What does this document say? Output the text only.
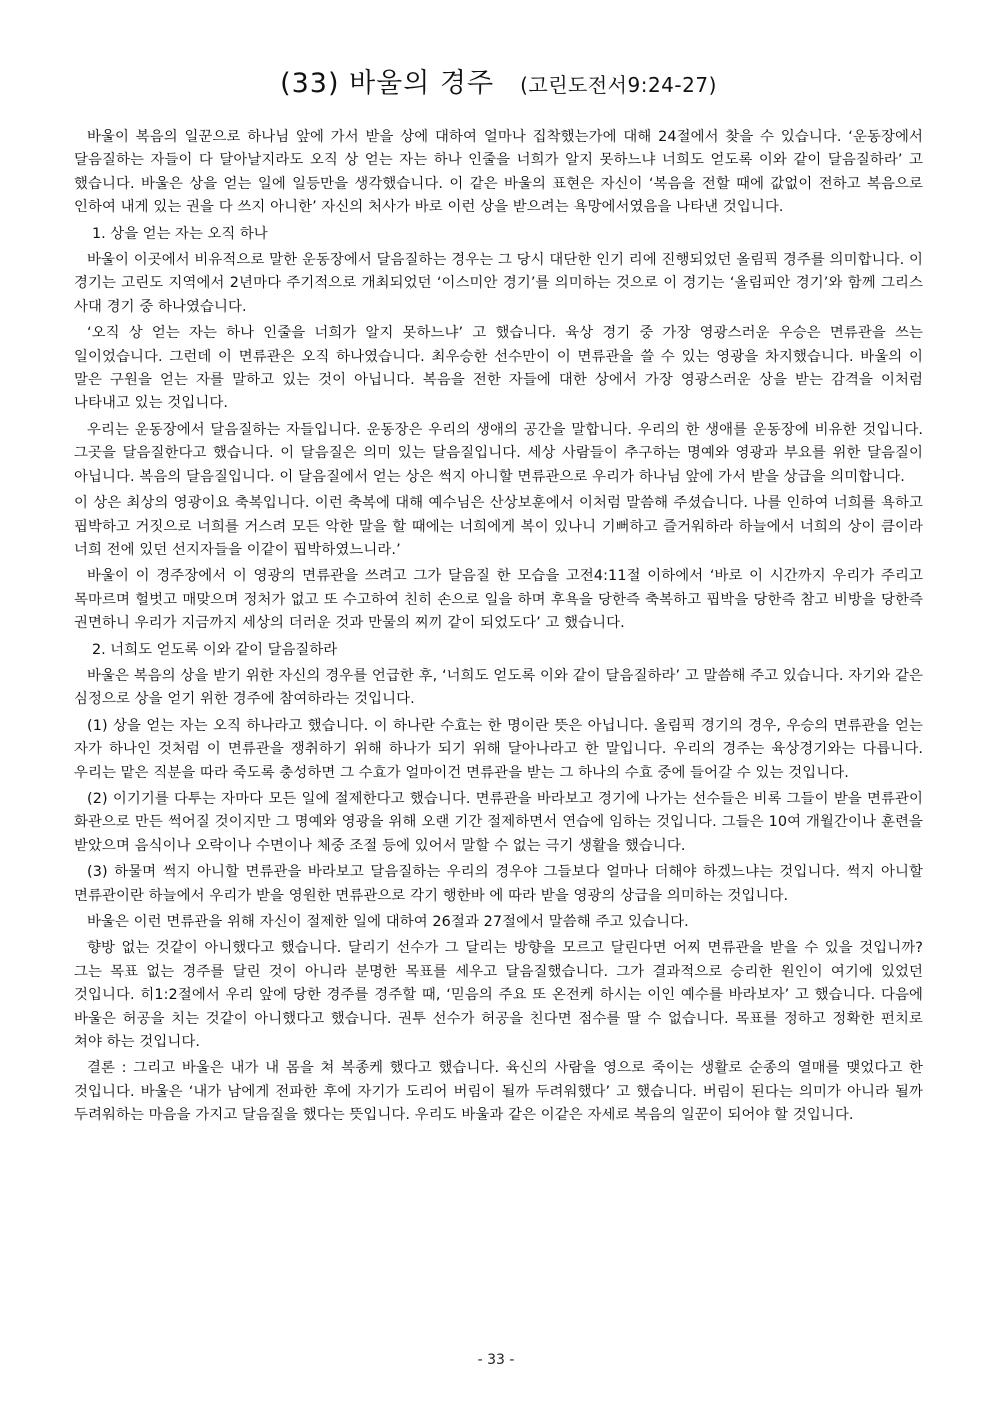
(33) 바울의 경주 (고린도전서9:24-27)
바울이 복음의 일꾼으로 하나님 앞에 가서 받을 상에 대하여 얼마나 집착했는가에 대해 24절에서 찾을 수 있습니다. ‘운동장에서 달음질하는 자들이 다 달아날지라도 오직 상 얻는 자는 하나 인줄을 너희가 알지 못하느냐 너희도 얻도록 이와 같이 달음질하라’ 고 했습니다. 바울은 상을 얻는 일에 일등만을 생각했습니다. 이 같은 바울의 표현은 자신이 ‘복음을 전할 때에 값없이 전하고 복음으로 인하여 내게 있는 권을 다 쓰지 아니한’ 자신의 처사가 바로 이런 상을 받으려는 욕망에서였음을 나타낸 것입니다.
1. 상을 얻는 자는 오직 하나
바울이 이곳에서 비유적으로 말한 운동장에서 달음질하는 경우는 그 당시 대단한 인기 리에 진행되었던 올림픽 경주를 의미합니다. 이 경기는 고린도 지역에서 2년마다 주기적으로 개최되었던 ‘이스미안 경기’를 의미하는 것으로 이 경기는 ‘올림피안 경기’와 함께 그리스 사대 경기 중 하나였습니다.
‘오직 상 얻는 자는 하나 인줄을 너희가 알지 못하느냐’ 고 했습니다. 육상 경기 중 가장 영광스러운 우승은 면류관을 쓰는 일이었습니다. 그런데 이 면류관은 오직 하나였습니다. 최우승한 선수만이 이 면류관을 쓸 수 있는 영광을 차지했습니다. 바울의 이 말은 구원을 얻는 자를 말하고 있는 것이 아닙니다. 복음을 전한 자들에 대한 상에서 가장 영광스러운 상을 받는 감격을 이처럼 나타내고 있는 것입니다.
우리는 운동장에서 달음질하는 자들입니다. 운동장은 우리의 생애의 공간을 말합니다. 우리의 한 생애를 운동장에 비유한 것입니다. 그곳을 달음질한다고 했습니다. 이 달음질은 의미 있는 달음질입니다. 세상 사람들이 추구하는 명예와 영광과 부요를 위한 달음질이 아닙니다. 복음의 달음질입니다. 이 달음질에서 얻는 상은 썩지 아니할 면류관으로 우리가 하나님 앞에 가서 받을 상급을 의미합니다.
이 상은 최상의 영광이요 축복입니다. 이런 축복에 대해 예수님은 산상보훈에서 이처럼 말씀해 주셨습니다. 나를 인하여 너희를 욕하고 핍박하고 거짓으로 너희를 거스려 모든 악한 말을 할 때에는 너희에게 복이 있나니 기뻐하고 즐거워하라 하늘에서 너희의 상이 큼이라 너희 전에 있던 선지자들을 이같이 핍박하였느니라.’
바울이 이 경주장에서 이 영광의 면류관을 쓰려고 그가 달음질 한 모습을 고전4:11절 이하에서 ‘바로 이 시간까지 우리가 주리고 목마르며 헐벗고 매맞으며 정처가 없고 또 수고하여 친히 손으로 일을 하며 후욕을 당한즉 축복하고 핍박을 당한즉 참고 비방을 당한즉 권면하니 우리가 지금까지 세상의 더러운 것과 만물의 찌끼 같이 되었도다’ 고 했습니다.
2. 너희도 얻도록 이와 같이 달음질하라
바울은 복음의 상을 받기 위한 자신의 경우를 언급한 후, ‘너희도 얻도록 이와 같이 달음질하라’ 고 말씀해 주고 있습니다. 자기와 같은 심정으로 상을 얻기 위한 경주에 참여하라는 것입니다.
(1) 상을 얻는 자는 오직 하나라고 했습니다. 이 하나란 수효는 한 명이란 뜻은 아닙니다. 올림픽 경기의 경우, 우승의 면류관을 얻는 자가 하나인 것처럼 이 면류관을 쟁취하기 위해 하나가 되기 위해 달아나라고 한 말입니다. 우리의 경주는 육상경기와는 다릅니다. 우리는 맡은 직분을 따라 죽도록 충성하면 그 수효가 얼마이건 면류관을 받는 그 하나의 수효 중에 들어갈 수 있는 것입니다.
(2) 이기기를 다투는 자마다 모든 일에 절제한다고 했습니다. 면류관을 바라보고 경기에 나가는 선수들은 비록 그들이 받을 면류관이 화관으로 만든 썩어질 것이지만 그 명예와 영광을 위해 오랜 기간 절제하면서 연습에 임하는 것입니다. 그들은 10여 개월간이나 훈련을 받았으며 음식이나 오락이나 수면이나 체중 조절 등에 있어서 말할 수 없는 극기 생활을 했습니다.
(3) 하물며 썩지 아니할 면류관을 바라보고 달음질하는 우리의 경우야 그들보다 얼마나 더해야 하겠느냐는 것입니다. 썩지 아니할 면류관이란 하늘에서 우리가 받을 영원한 면류관으로 각기 행한바 에 따라 받을 영광의 상급을 의미하는 것입니다.
바울은 이런 면류관을 위해 자신이 절제한 일에 대하여 26절과 27절에서 말씀해 주고 있습니다.
향방 없는 것같이 아니했다고 했습니다. 달리기 선수가 그 달리는 방향을 모르고 달린다면 어찌 면류관을 받을 수 있을 것입니까? 그는 목표 없는 경주를 달린 것이 아니라 분명한 목표를 세우고 달음질했습니다. 그가 결과적으로 승리한 원인이 여기에 있었던 것입니다. 히1:2절에서 우리 앞에 당한 경주를 경주할 때, ‘믿음의 주요 또 온전케 하시는 이인 예수를 바라보자’ 고 했습니다. 다음에 바울은 허공을 치는 것같이 아니했다고 했습니다. 권투 선수가 허공을 친다면 점수를 딸 수 없습니다. 목표를 정하고 정확한 펀치로 쳐야 하는 것입니다.
결론 : 그리고 바울은 내가 내 몸을 쳐 복종케 했다고 했습니다. 육신의 사람을 영으로 죽이는 생활로 순종의 열매를 맺었다고 한 것입니다. 바울은 ‘내가 남에게 전파한 후에 자기가 도리어 버림이 될까 두려워했다’ 고 했습니다. 버림이 된다는 의미가 아니라 될까 두려워하는 마음을 가지고 달음질을 했다는 뜻입니다. 우리도 바울과 같은 이같은 자세로 복음의 일꾼이 되어야 할 것입니다.
- 33 -
